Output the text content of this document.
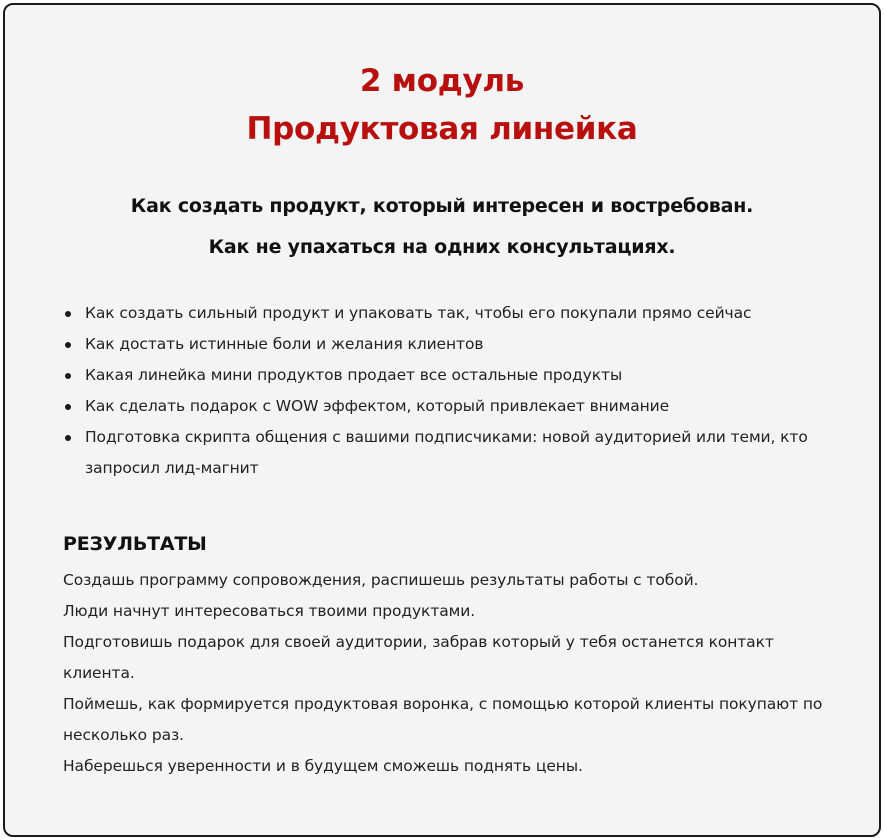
2 модуль
Продуктовая линейка
Как создать продукт, который интересен и востребован.
Как не упахаться на одних консультациях.
Как создать сильный продукт и упаковать так, чтобы его покупали прямо сейчас
Как достать истинные боли и желания клиентов
Какая линейка мини продуктов продает все остальные продукты
Как сделать подарок с WOW эффектом, который привлекает внимание
Подготовка скрипта общения с вашими подписчиками: новой аудиторией или теми, кто запросил лид-магнит
РЕЗУЛЬТАТЫ

Создашь программу сопровождения, распишешь результаты работы с тобой.

Люди начнут интересоваться твоими продуктами.

Подготовишь подарок для своей аудитории, забрав который у тебя останется контакт клиента.

Поймешь, как формируется продуктовая воронка, с помощью которой клиенты покупают по несколько раз.

Наберешься уверенности и в будущем сможешь поднять цены.
